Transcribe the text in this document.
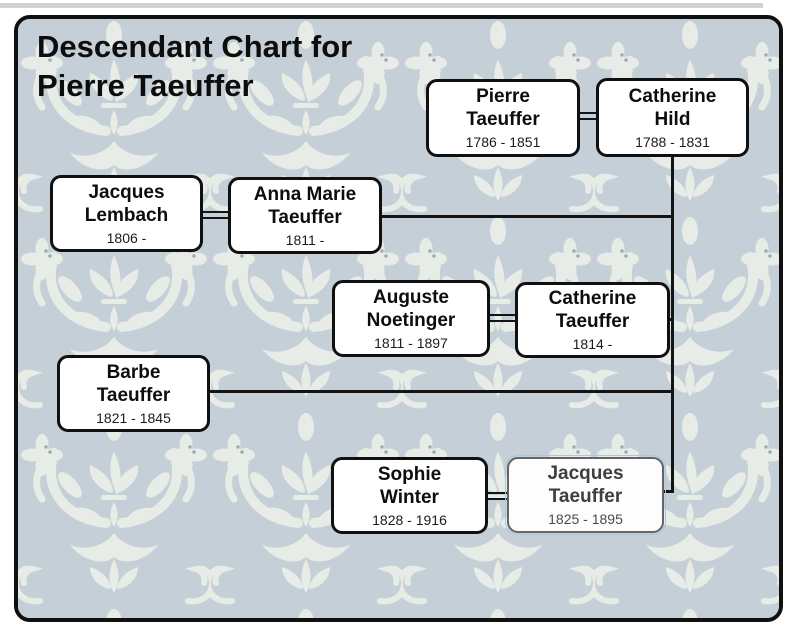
Descendant Chart for
Pierre Taeuffer	Pierre
Taeuffer
1786 - 1851
Catherine
Hild
1788 - 1831
Jacques
Lembach
1806 -
Anna Marie
Taeuffer
1811 -
Auguste
Noetinger
1811 - 1897
Catherine
Taeuffer
1814 -
Barbe
Taeuffer
1821 - 1845
Sophie
Winter
1828 - 1916
Jacques
Taeuffer
1825 - 1895
